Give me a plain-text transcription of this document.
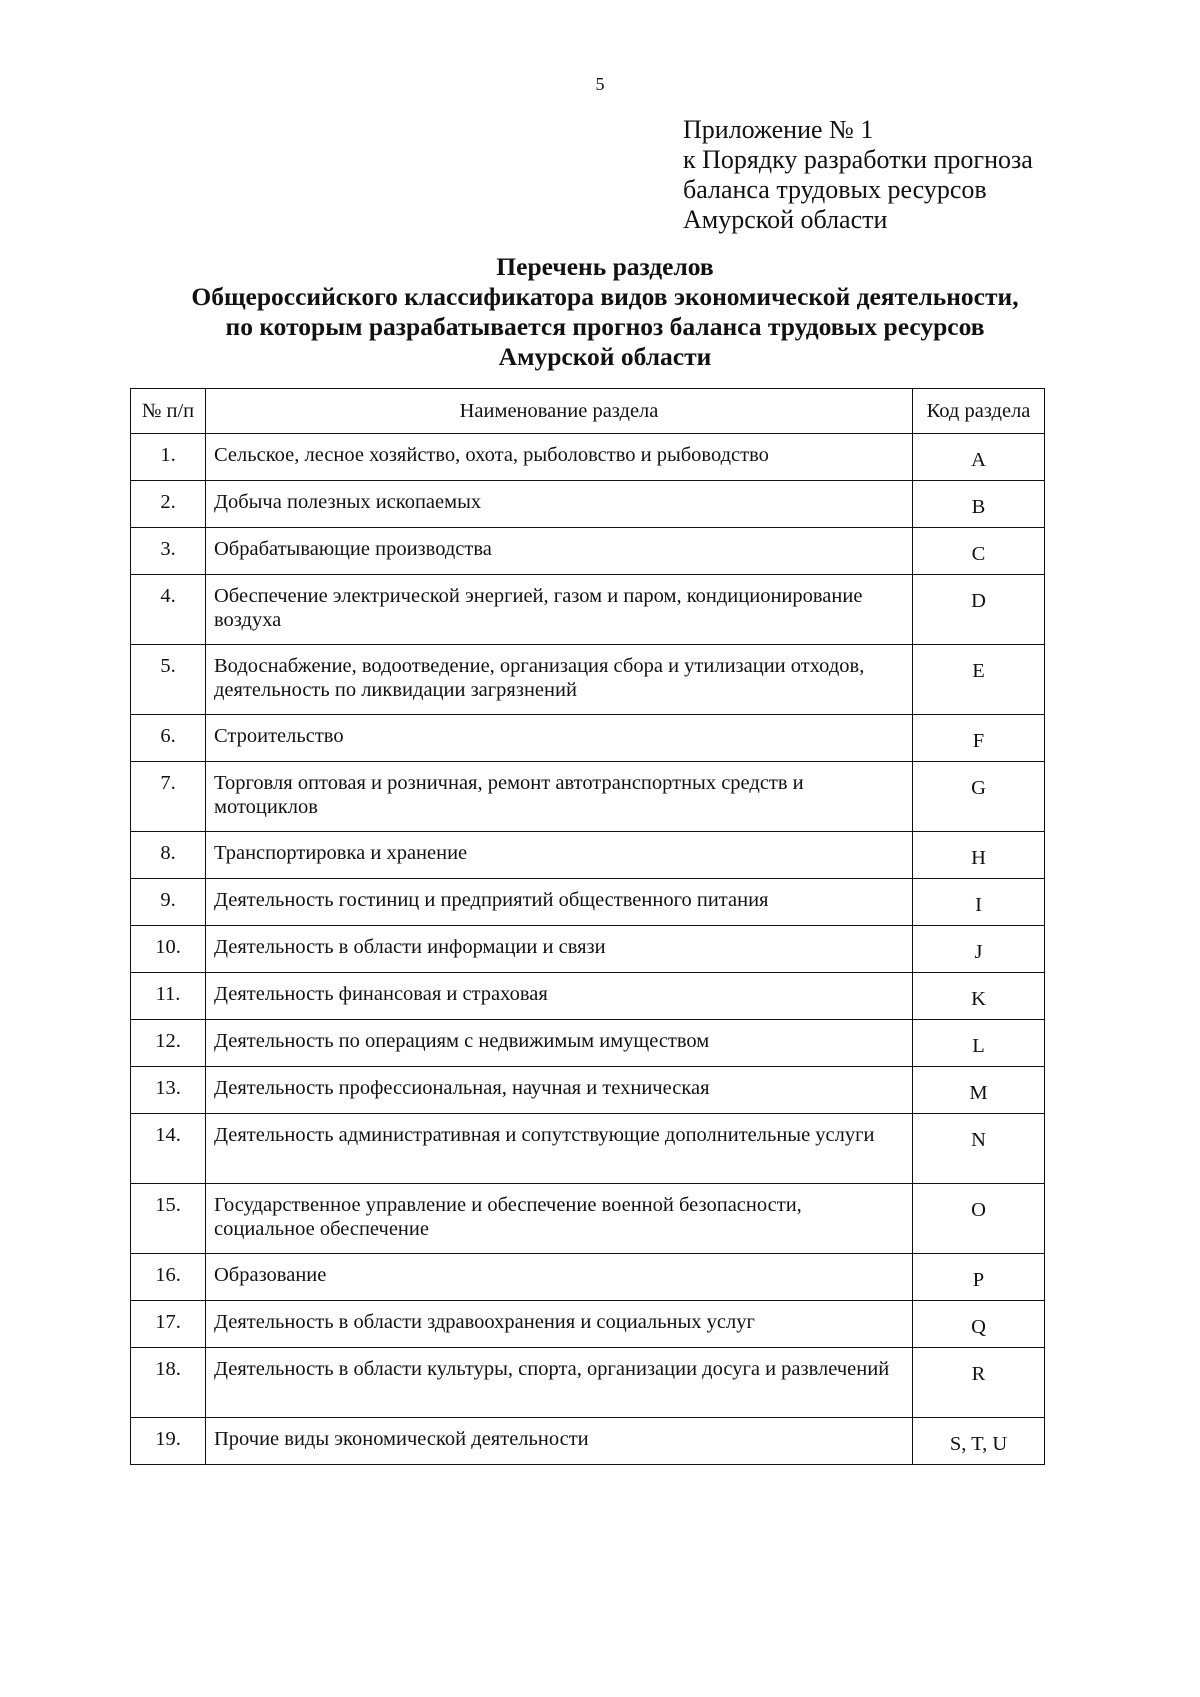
5
Приложение № 1
к Порядку разработки прогноза
баланса трудовых ресурсов
Амурской области
Перечень разделов
Общероссийского классификатора видов экономической деятельности,
по которым разрабатывается прогноз баланса трудовых ресурсов
Амурской области
№ п/п	Наименование раздела	Код раздела
1.	Сельское, лесное хозяйство, охота, рыболовство и рыбоводство	A
2.	Добыча полезных ископаемых	B
3.	Обрабатывающие производства	C
4.	Обеспечение электрической энергией, газом и паром, кондиционирование воздуха	D
5.	Водоснабжение, водоотведение, организация сбора и утилизации отходов, деятельность по ликвидации загрязнений	E
6.	Строительство	F
7.	Торговля оптовая и розничная, ремонт автотранспортных средств и мотоциклов	G
8.	Транспортировка и хранение	H
9.	Деятельность гостиниц и предприятий общественного питания	I
10.	Деятельность в области информации и связи	J
11.	Деятельность финансовая и страховая	K
12.	Деятельность по операциям с недвижимым имуществом	L
13.	Деятельность профессиональная, научная и техническая	M
14.	Деятельность административная и сопутствующие дополнительные услуги	N
15.	Государственное управление и обеспечение военной безопасности, социальное обеспечение	O
16.	Образование	P
17.	Деятельность в области здравоохранения и социальных услуг	Q
18.	Деятельность в области культуры, спорта, организации досуга и развлечений	R
19.	Прочие виды экономической деятельности	S, T, U
